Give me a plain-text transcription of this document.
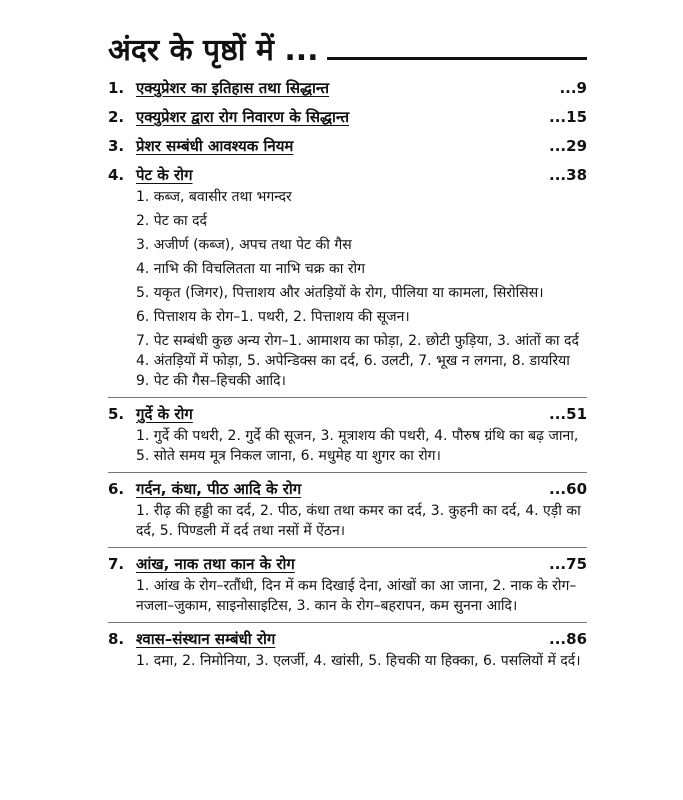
अंदर के पृष्ठों में ...
1. एक्युप्रेशर का इतिहास तथा सिद्धान्त	...9
2. एक्युप्रेशर द्वारा रोग निवारण के सिद्धान्त	...15
3. प्रेशर सम्बंधी आवश्यक नियम	...29
4. पेट के रोग	...38
1. कब्ज, बवासीर तथा भगन्दर
2. पेट का दर्द
3. अजीर्ण (कब्ज), अपच तथा पेट की गैस
4. नाभि की विचलितता या नाभि चक्र का रोग
5. यकृत (जिगर), पित्ताशय और अंतड़ियों के रोग, पीलिया या कामला, सिरोसिस।
6. पित्ताशय के रोग–1. पथरी, 2. पित्ताशय की सूजन।
7. पेट सम्बंधी कुछ अन्य रोग–1. आमाशय का फोड़ा, 2. छोटी फुड़िया, 3. आंतों का दर्द 4. अंतड़ियों में फोड़ा, 5. अपेन्डिक्स का दर्द, 6. उलटी, 7. भूख न लगना, 8. डायरिया 9. पेट की गैस–हिचकी आदि।
5. गुर्दे के रोग	...51
1. गुर्दे की पथरी, 2. गुर्दे की सूजन, 3. मूत्राशय की पथरी, 4. पौरुष ग्रंथि का बढ़ जाना, 5. सोते समय मूत्र निकल जाना, 6. मधुमेह या शुगर का रोग।
6. गर्दन, कंधा, पीठ आदि के रोग	...60
1. रीढ़ की हड्डी का दर्द, 2. पीठ, कंधा तथा कमर का दर्द, 3. कुहनी का दर्द, 4. एड़ी का दर्द, 5. पिण्डली में दर्द तथा नसों में ऐंठन।
7. आंख, नाक तथा कान के रोग	...75
1. आंख के रोग–रतौंधी, दिन में कम दिखाई देना, आंखों का आ जाना, 2. नाक के रोग–नजला–जुकाम, साइनोसाइटिस, 3. कान के रोग–बहरापन, कम सुनना आदि।
8. श्वास–संस्थान सम्बंधी रोग	...86
1. दमा, 2. निमोनिया, 3. एलर्जी, 4. खांसी, 5. हिचकी या हिक्का, 6. पसलियों में दर्द।
